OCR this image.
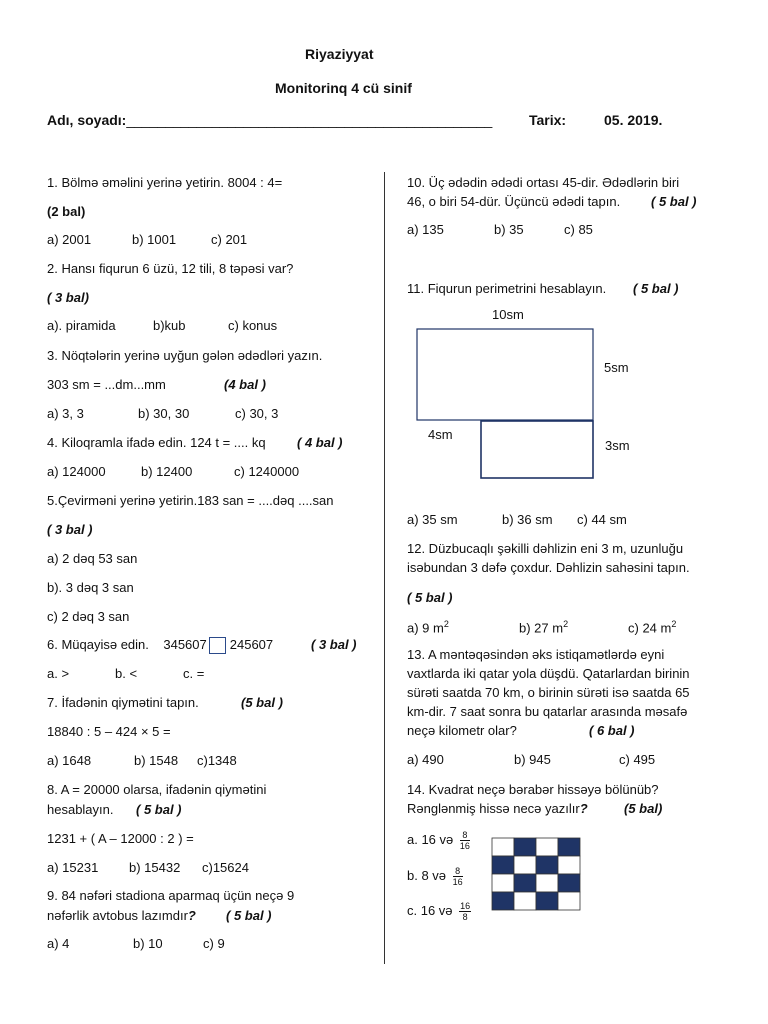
Riyaziyyat
Monitorinq 4 cü sinif
Adı, soyadı:_______________________________________________	Tarix:	05. 2019.
1. Bölmə əməlini yerinə yetirin. 8004 : 4=
(2 bal)
a) 2001	b) 1001	c) 201
2. Hansı fiqurun 6 üzü, 12 tili, 8 təpəsi var?
( 3 bal)
a). piramida	b)kub	c) konus
3. Nöqtələrin yerinə uyğun gələn ədədləri yazın.
303 sm = ...dm...mm	(4 bal )
a) 3, 3	b) 30, 30	c) 30, 3
4. Kiloqramla ifadə edin. 124 t = .... kq ( 4 bal )
a) 124000	b) 12400	c) 1240000
5.Çevirməni yerinə yetirin.183 san = ....dəq ....san
( 3 bal )
a) 2 dəq 53 san
b). 3 dəq 3 san
c) 2 dəq 3 san
6. Müqayisə edin. 345607 245607	( 3 bal )
a. >	b. <	c. =
7. İfadənin qiymətini tapın.	(5 bal )
18840 : 5 – 424 × 5 =
a) 1648	b) 1548 c)1348
8. A = 20000 olarsa, ifadənin qiymətini
hesablayın. ( 5 bal )
1231 + ( A – 12000 : 2 ) =
a) 15231 b) 15432 c)15624
9. 84 nəfəri stadiona aparmaq üçün neçə 9
nəfərlik avtobus lazımdır? ( 5 bal )
a) 4	b) 10	c) 9
10. Üç ədədin ədədi ortası 45-dir. Ədədlərin biri
46, o biri 54-dür. Üçüncü ədədi tapın. ( 5 bal )
a) 135	b) 35	c) 85
11. Fiqurun perimetrini hesablayın. ( 5 bal )
10sm
5sm
4sm
3sm
a) 35 sm	b) 36 sm c) 44 sm
12. Düzbucaqlı şəkilli dəhlizin eni 3 m, uzunluğu
isəbundan 3 dəfə çoxdur. Dəhlizin sahəsini tapın.
( 5 bal )
a) 9 $m^2$	b) 27 $m^2$	c) 24 $m^2$
13. A məntəqəsindən əks istiqamətlərdə eyni
vaxtlarda iki qatar yola düşdü. Qatarlardan birinin
sürəti saatda 70 km, o birinin sürəti isə saatda 65
km-dir. 7 saat sonra bu qatarlar arasında məsafə
neçə kilometr olar?	( 6 bal )
a) 490	b) 945	c) 495
14. Kvadrat neçə bərabər hissəyə bölünüb?
Rənglənmiş hissə necə yazılır?	(5 bal)
a. 16 və $\frac{8}{16}$
b. 8 və $\frac{8}{16}$
c. 16 və $\frac{16}{8}$
